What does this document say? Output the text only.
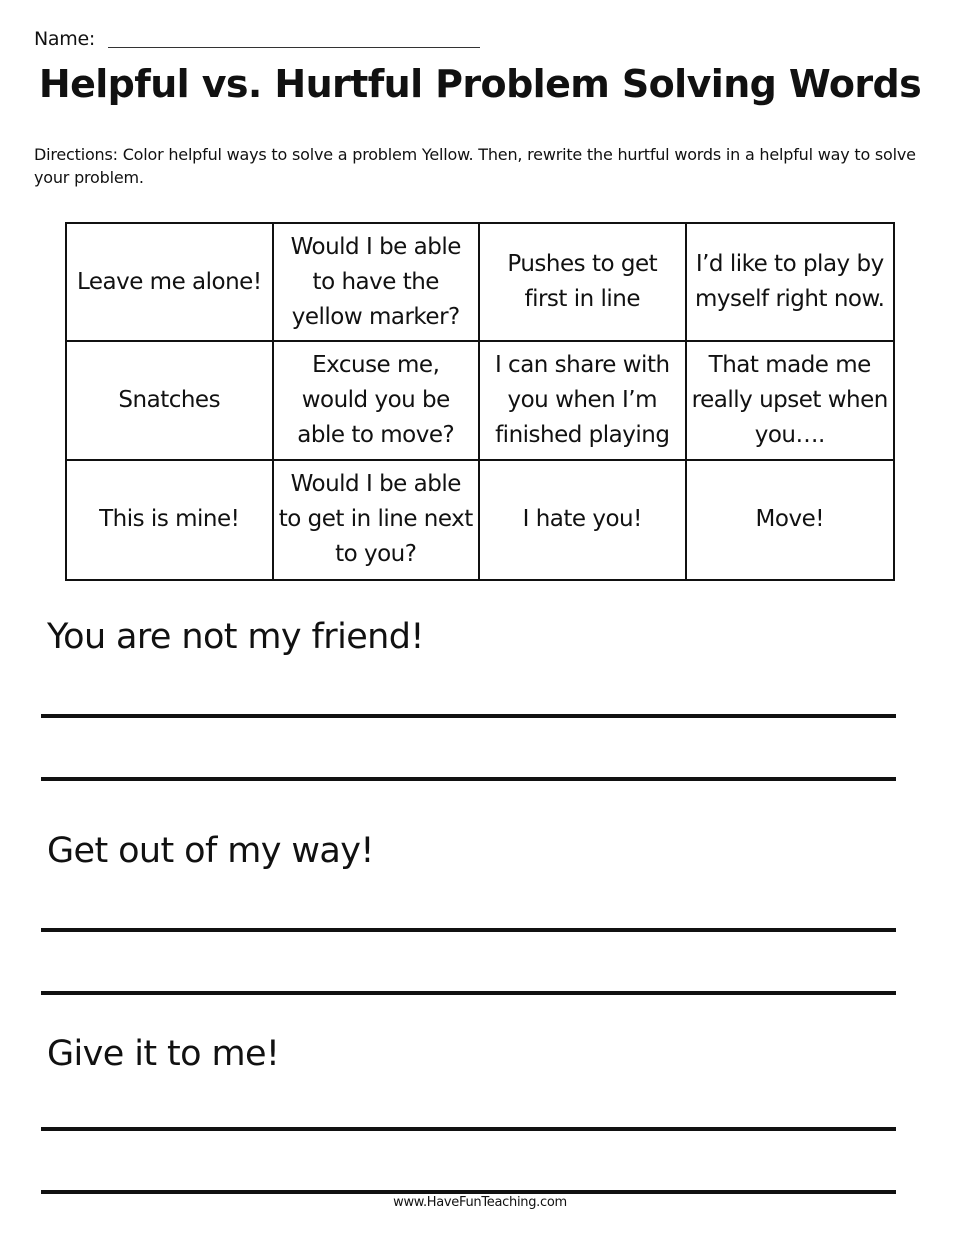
Name:
Helpful vs. Hurtful Problem Solving Words

Directions: Color helpful ways to solve a problem Yellow. Then, rewrite the hurtful words in a helpful way to solve your problem.

Leave me alone!
Would I be able to have the yellow marker?
Pushes to get first in line
I’d like to play by myself right now.
Snatches
Excuse me, would you be able to move?
I can share with you when I’m finished playing
That made me really upset when you….
This is mine!
Would I be able to get in line next to you?
I hate you!	Move!
You are not my friend!
Get out of my way!
Give it to me!
www.HaveFunTeaching.com
